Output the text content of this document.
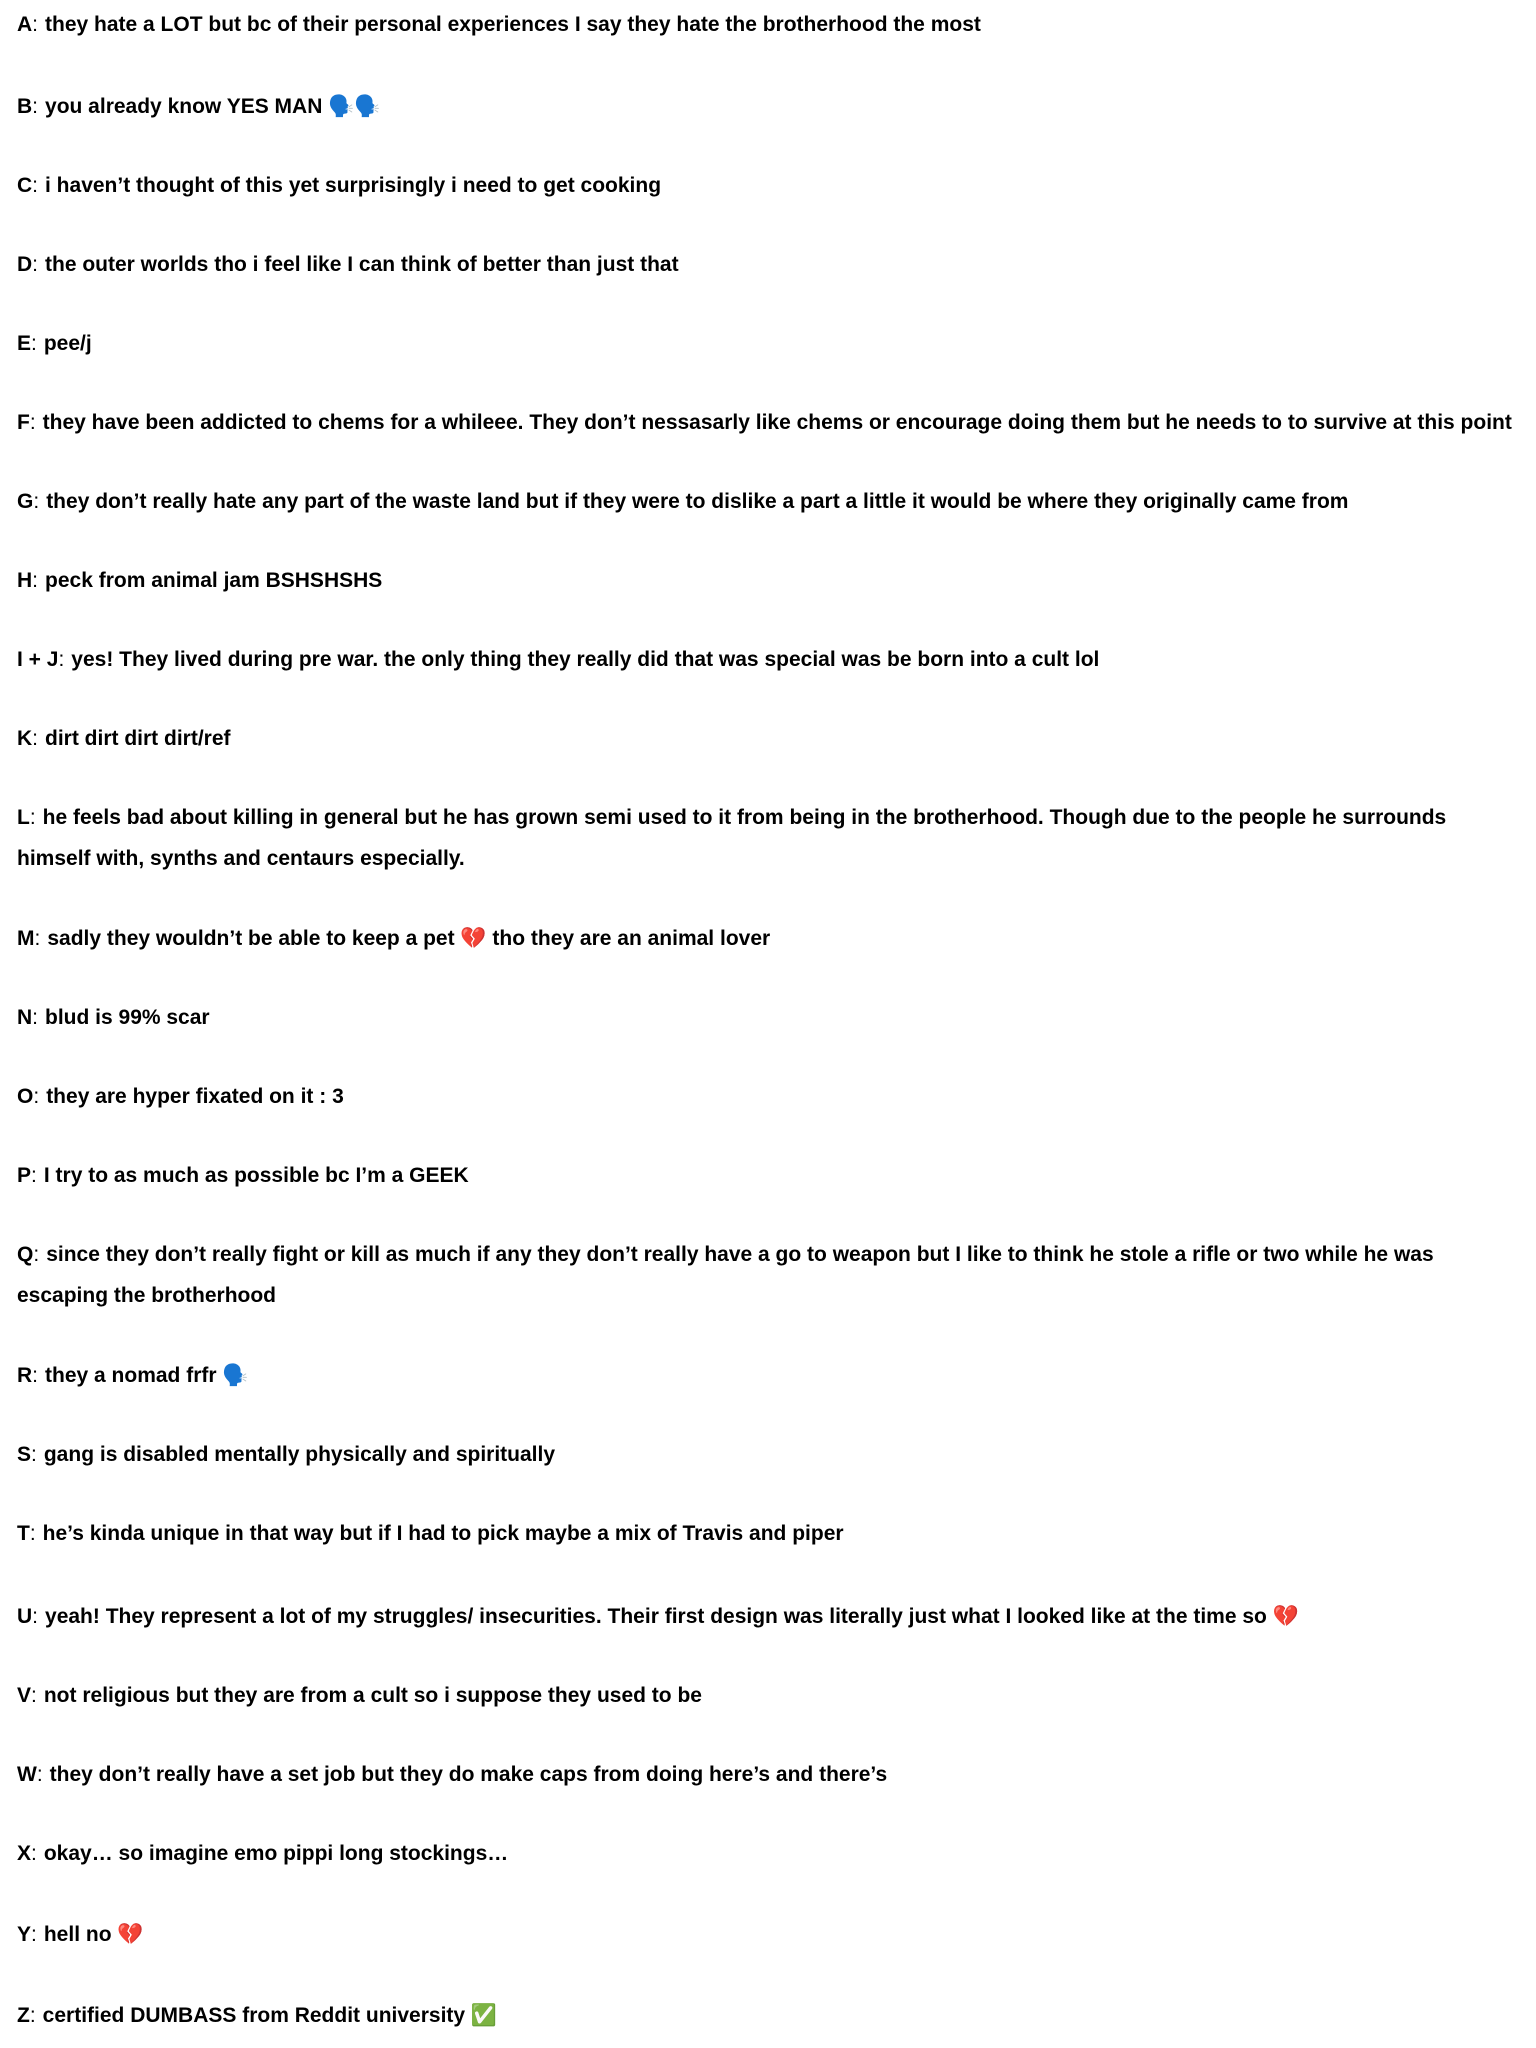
A: they hate a LOT but bc of their personal experiences I say they hate the brotherhood the most
B: you already know YES MAN 🗣️🗣️
C: i haven’t thought of this yet surprisingly i need to get cooking
D: the outer worlds tho i feel like I can think of better than just that
E: pee/j
F: they have been addicted to chems for a whileee. They don’t nessasarly like chems or encourage doing them but he needs to to survive at this point
G: they don’t really hate any part of the waste land but if they were to dislike a part a little it would be where they originally came from
H: peck from animal jam BSHSHSHS
I + J: yes! They lived during pre war. the only thing they really did that was special was be born into a cult lol
K: dirt dirt dirt dirt/ref
L: he feels bad about killing in general but he has grown semi used to it from being in the brotherhood. Though due to the people he surrounds himself with, synths and centaurs especially.
M: sadly they wouldn’t be able to keep a pet 💔 tho they are an animal lover
N: blud is 99% scar
O: they are hyper fixated on it : 3
P: I try to as much as possible bc I’m a GEEK
Q: since they don’t really fight or kill as much if any they don’t really have a go to weapon but I like to think he stole a rifle or two while he was escaping the brotherhood
R: they a nomad frfr 🗣️
S: gang is disabled mentally physically and spiritually
T: he’s kinda unique in that way but if I had to pick maybe a mix of Travis and piper
U: yeah! They represent a lot of my struggles/ insecurities. Their first design was literally just what I looked like at the time so 💔
V: not religious but they are from a cult so i suppose they used to be
W: they don’t really have a set job but they do make caps from doing here’s and there’s
X: okay… so imagine emo pippi long stockings…
Y: hell no 💔
Z: certified DUMBASS from Reddit university ✅
